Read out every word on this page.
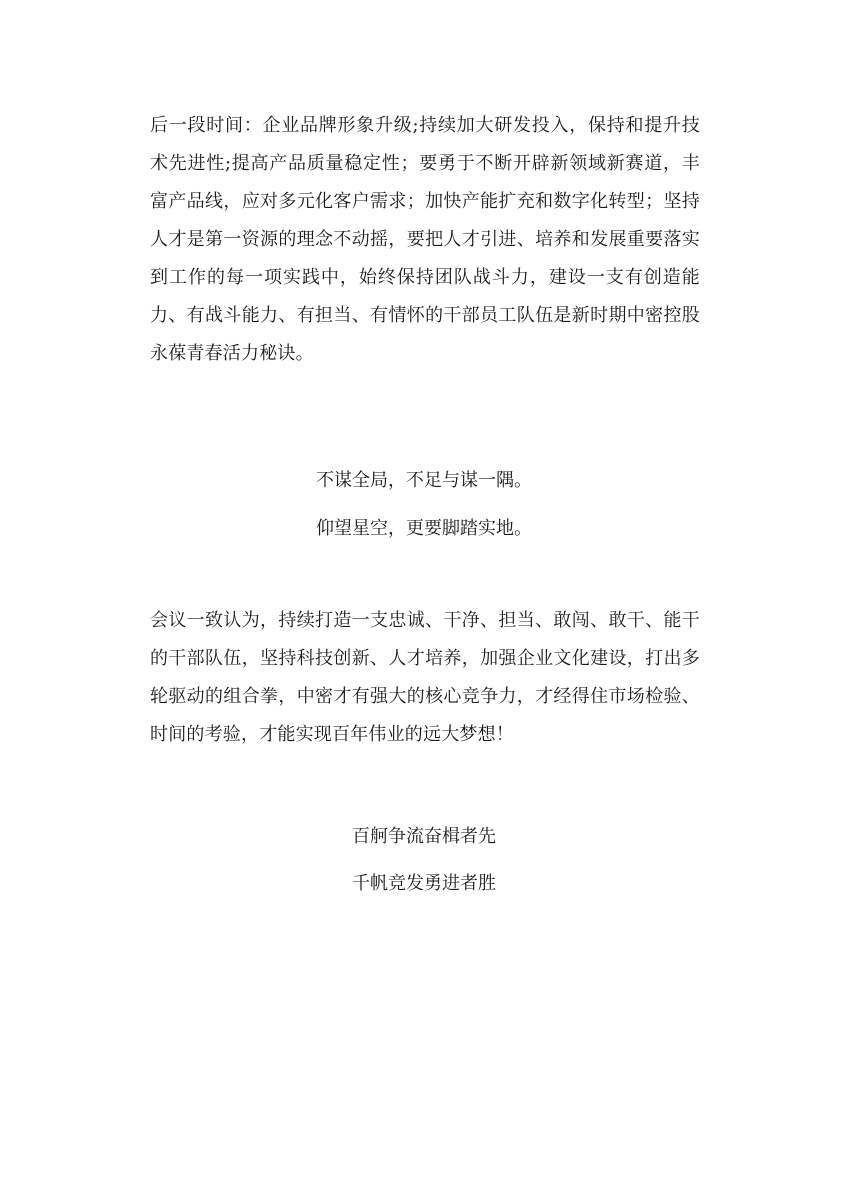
后一段时间：企业品牌形象升级;持续加大研发投入，保持和提升技术先进性;提高产品质量稳定性；要勇于不断开辟新领域新赛道，丰富产品线，应对多元化客户需求；加快产能扩充和数字化转型；坚持人才是第一资源的理念不动摇，要把人才引进、培养和发展重要落实到工作的每一项实践中，始终保持团队战斗力，建设一支有创造能力、有战斗能力、有担当、有情怀的干部员工队伍是新时期中密控股永葆青春活力秘诀。

不谋全局，不足与谋一隅。
仰望星空，更要脚踏实地。

会议一致认为，持续打造一支忠诚、干净、担当、敢闯、敢干、能干的干部队伍，坚持科技创新、人才培养，加强企业文化建设，打出多轮驱动的组合拳，中密才有强大的核心竞争力，才经得住市场检验、时间的考验，才能实现百年伟业的远大梦想！

百舸争流奋楫者先
千帆竞发勇进者胜
